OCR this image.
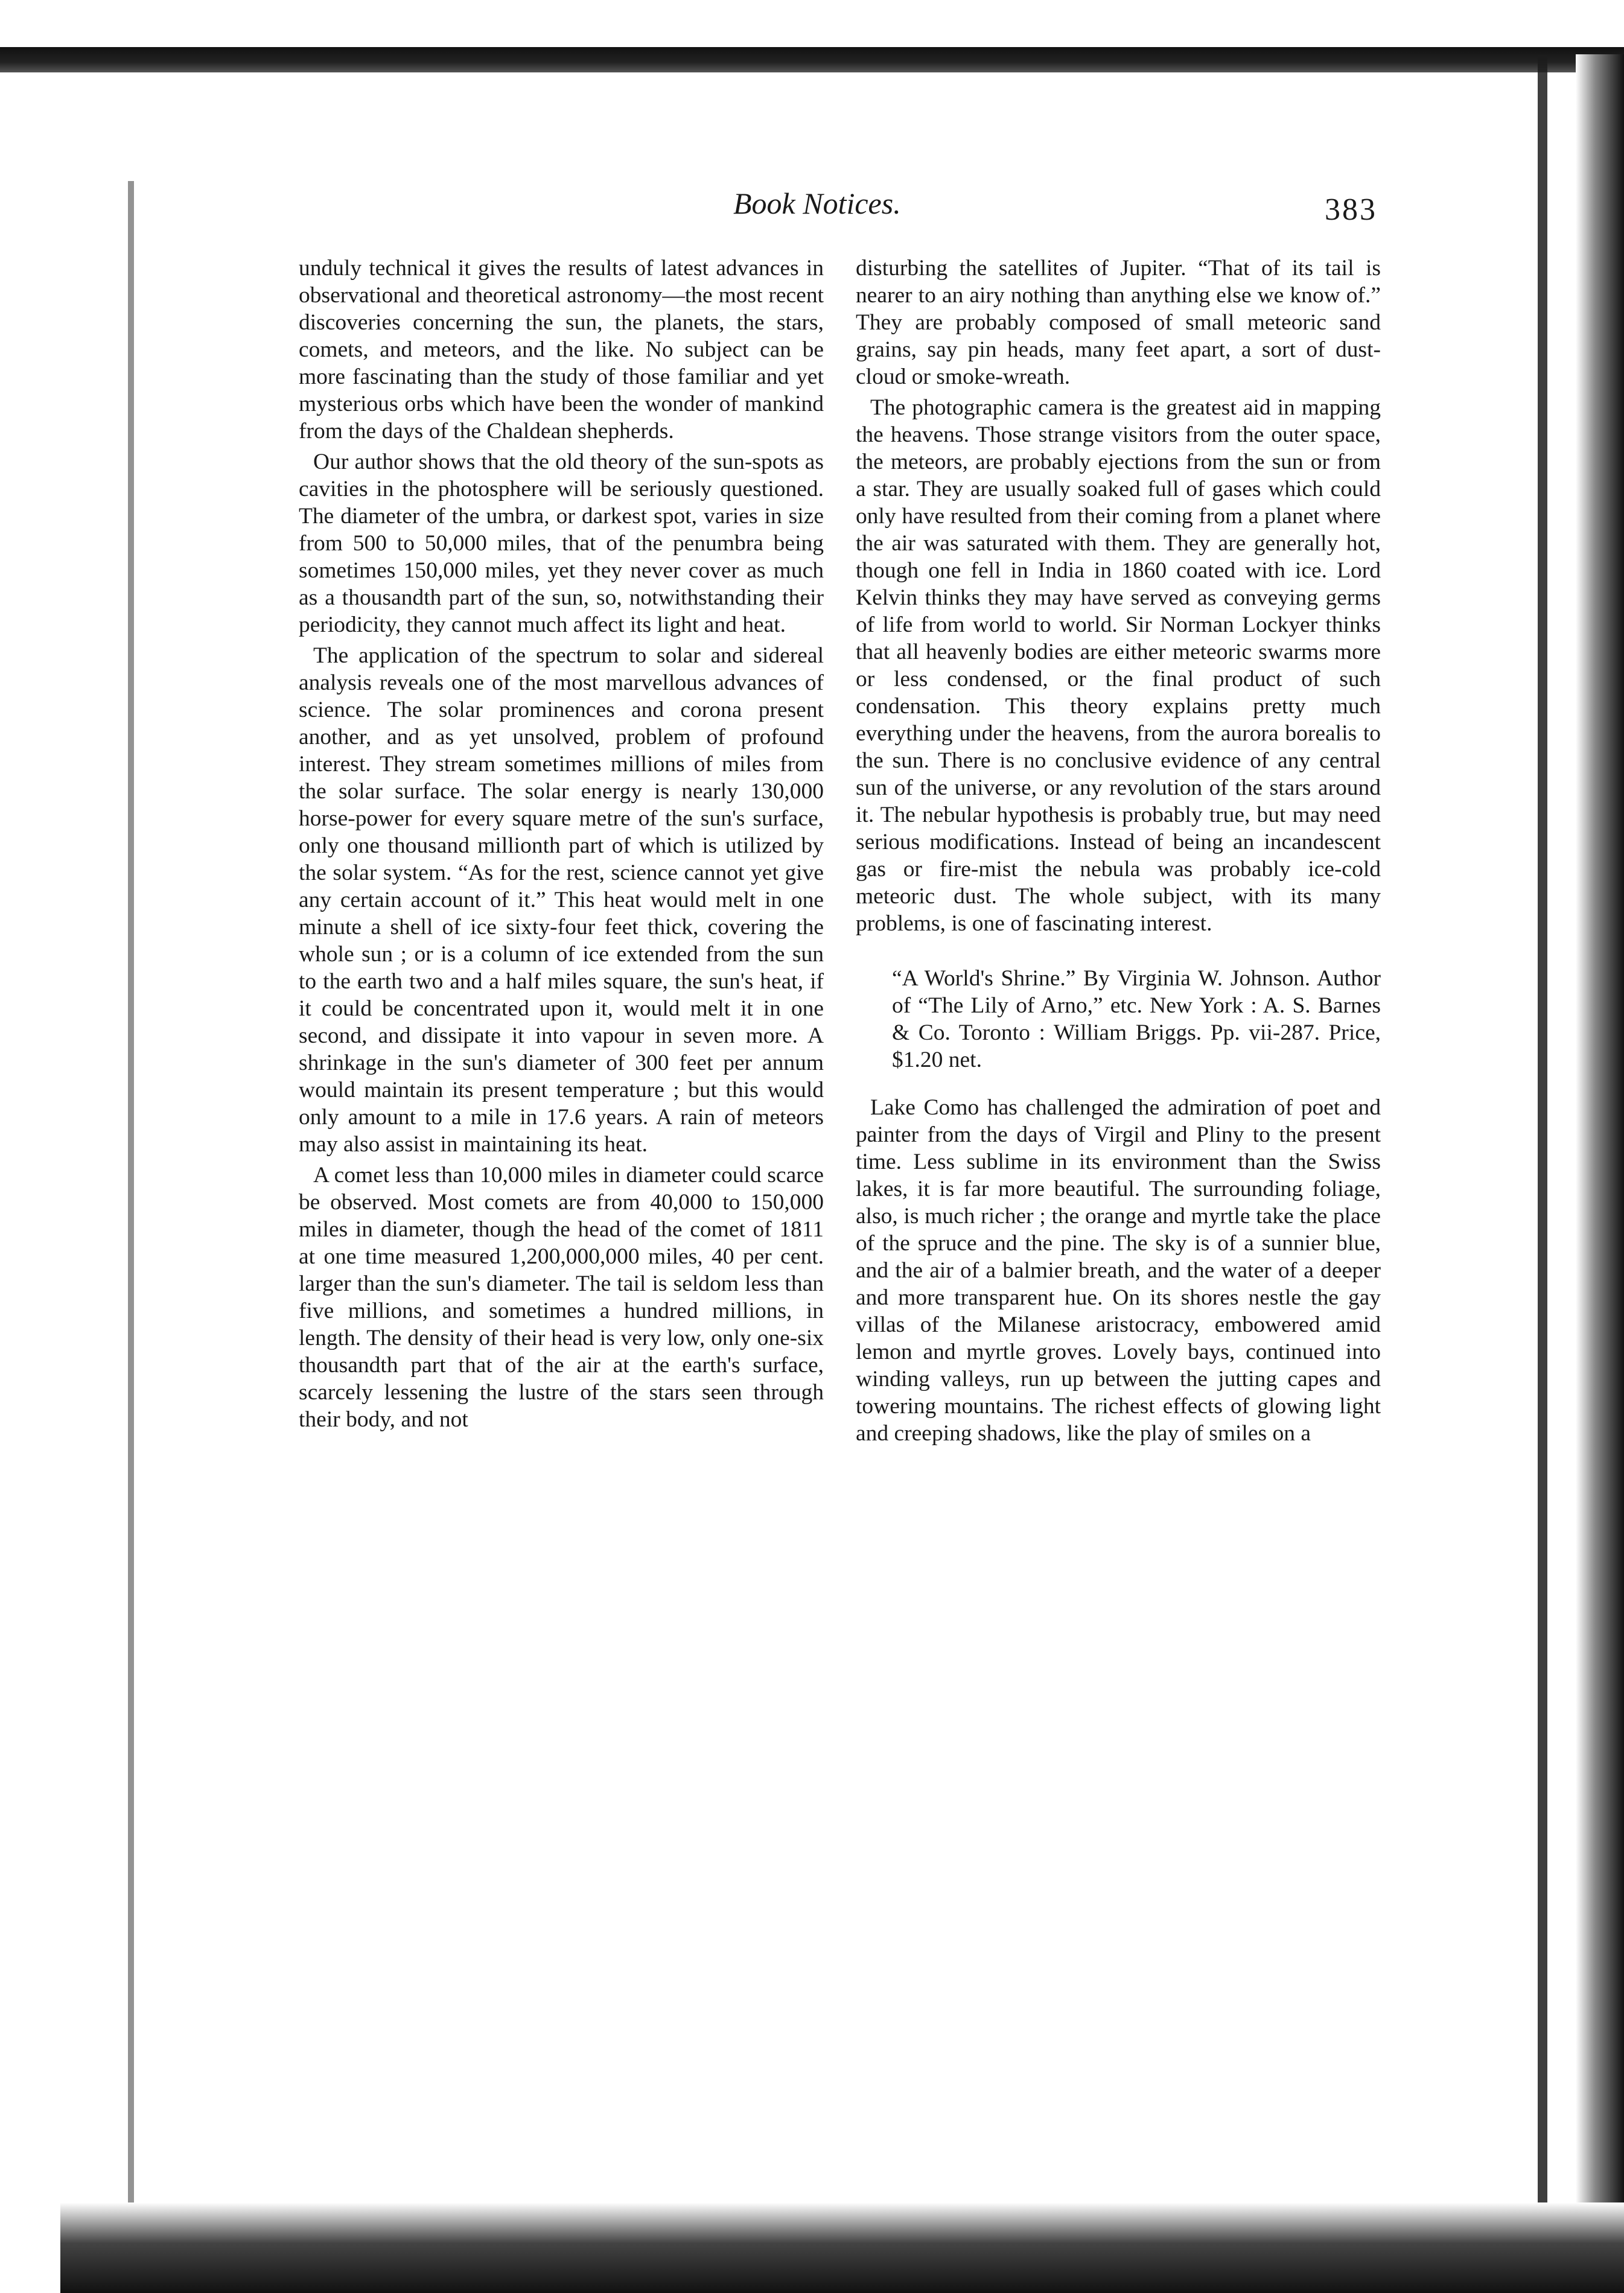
Book Notices.	383

unduly technical it gives the results of latest advances in observational and theoretical astronomy—the most recent discoveries concerning the sun, the planets, the stars, comets, and meteors, and the like. No subject can be more fascinating than the study of those familiar and yet mysterious orbs which have been the wonder of mankind from the days of the Chaldean shepherds.

Our author shows that the old theory of the sun-spots as cavities in the photosphere will be seriously questioned. The diameter of the umbra, or darkest spot, varies in size from 500 to 50,000 miles, that of the penumbra being sometimes 150,000 miles, yet they never cover as much as a thousandth part of the sun, so, notwithstanding their periodicity, they cannot much affect its light and heat.

The application of the spectrum to solar and sidereal analysis reveals one of the most marvellous advances of science. The solar prominences and corona present another, and as yet unsolved, problem of profound interest. They stream sometimes millions of miles from the solar surface. The solar energy is nearly 130,000 horse-power for every square metre of the sun's surface, only one thousand millionth part of which is utilized by the solar system. “As for the rest, science cannot yet give any certain account of it.” This heat would melt in one minute a shell of ice sixty-four feet thick, covering the whole sun ; or is a column of ice extended from the sun to the earth two and a half miles square, the sun's heat, if it could be concentrated upon it, would melt it in one second, and dissipate it into vapour in seven more. A shrinkage in the sun's diameter of 300 feet per annum would maintain its present temperature ; but this would only amount to a mile in 17.6 years. A rain of meteors may also assist in maintaining its heat.

A comet less than 10,000 miles in diameter could scarce be observed. Most comets are from 40,000 to 150,000 miles in diameter, though the head of the comet of 1811 at one time measured 1,200,000,000 miles, 40 per cent. larger than the sun's diameter. The tail is seldom less than five millions, and sometimes a hundred millions, in length. The density of their head is very low, only one-six thousandth part that of the air at the earth's surface, scarcely lessening the lustre of the stars seen through their body, and not

disturbing the satellites of Jupiter. “That of its tail is nearer to an airy nothing than anything else we know of.” They are probably composed of small meteoric sand grains, say pin heads, many feet apart, a sort of dust-cloud or smoke-wreath.

The photographic camera is the greatest aid in mapping the heavens. Those strange visitors from the outer space, the meteors, are probably ejections from the sun or from a star. They are usually soaked full of gases which could only have resulted from their coming from a planet where the air was saturated with them. They are generally hot, though one fell in India in 1860 coated with ice. Lord Kelvin thinks they may have served as conveying germs of life from world to world. Sir Norman Lockyer thinks that all heavenly bodies are either meteoric swarms more or less condensed, or the final product of such condensation. This theory explains pretty much everything under the heavens, from the aurora borealis to the sun. There is no conclusive evidence of any central sun of the universe, or any revolution of the stars around it. The nebular hypothesis is probably true, but may need serious modifications. Instead of being an incandescent gas or fire-mist the nebula was probably ice-cold meteoric dust. The whole subject, with its many problems, is one of fascinating interest.

“A World's Shrine.” By Virginia W. Johnson. Author of “The Lily of Arno,” etc. New York : A. S. Barnes & Co. Toronto : William Briggs. Pp. vii-287. Price, $1.20 net.

Lake Como has challenged the admiration of poet and painter from the days of Virgil and Pliny to the present time. Less sublime in its environment than the Swiss lakes, it is far more beautiful. The surrounding foliage, also, is much richer ; the orange and myrtle take the place of the spruce and the pine. The sky is of a sunnier blue, and the air of a balmier breath, and the water of a deeper and more transparent hue. On its shores nestle the gay villas of the Milanese aristocracy, embowered amid lemon and myrtle groves. Lovely bays, continued into winding valleys, run up between the jutting capes and towering mountains. The richest effects of glowing light and creeping shadows, like the play of smiles on a
